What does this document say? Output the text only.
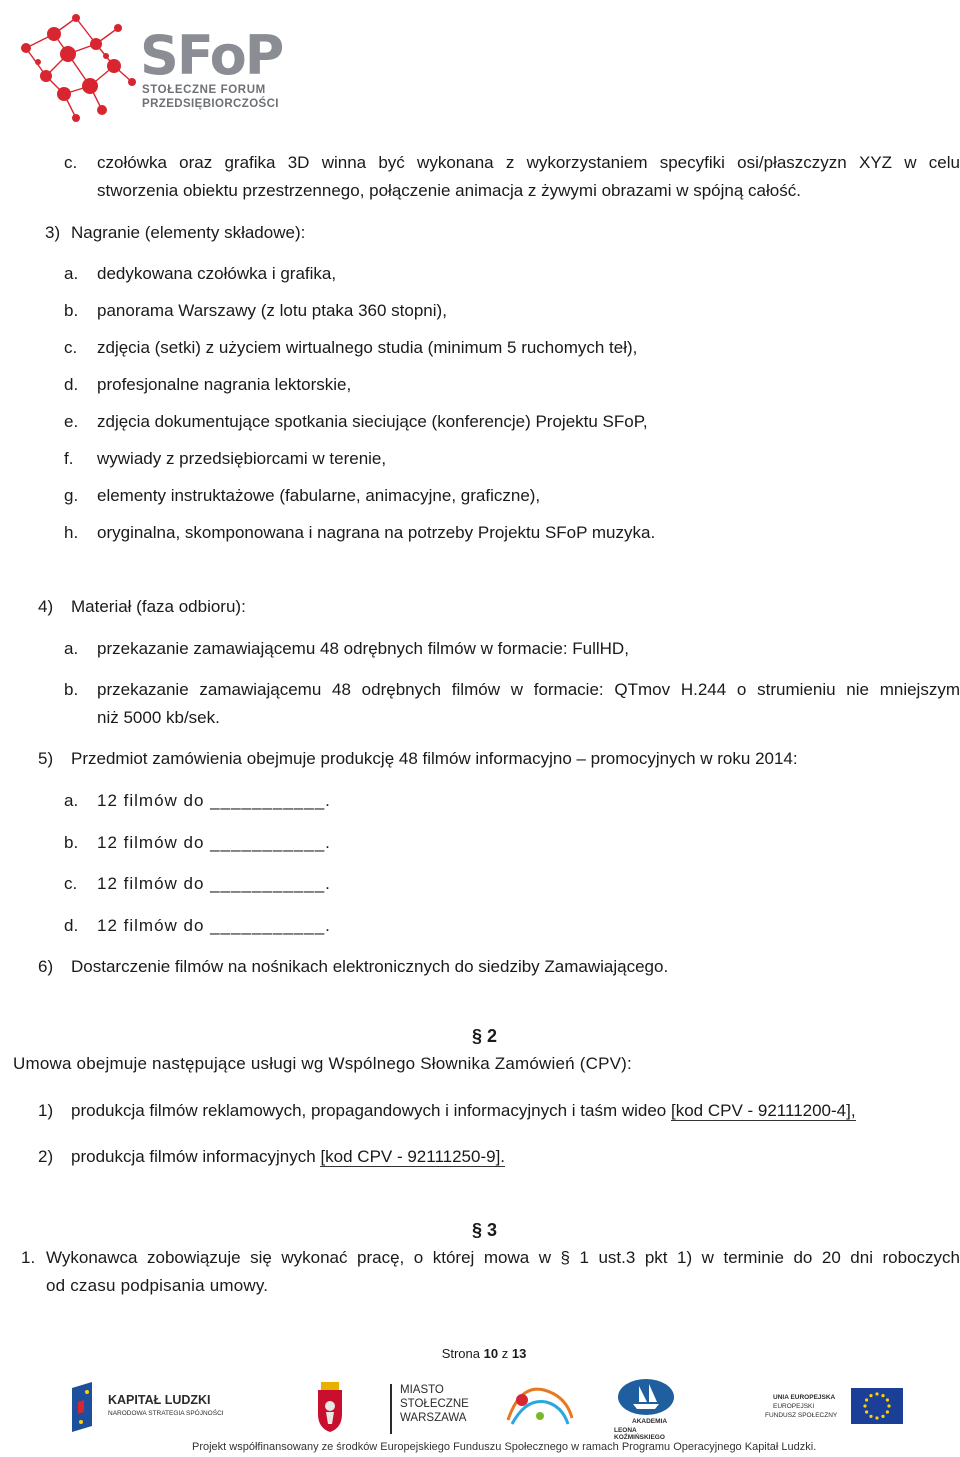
SFoP
STOŁECZNE FORUM
PRZEDSIĘBIORCZOŚCI
c. czołówka oraz grafika 3D winna być wykonana z wykorzystaniem specyfiki osi/płaszczyzn XYZ w celu
stworzenia obiektu przestrzennego, połączenie animacja z żywymi obrazami w spójną całość.
3) Nagranie (elementy składowe):
a. dedykowana czołówka i grafika,
b. panorama Warszawy (z lotu ptaka 360 stopni),
c. zdjęcia (setki) z użyciem wirtualnego studia (minimum 5 ruchomych teł),
d. profesjonalne nagrania lektorskie,
e. zdjęcia dokumentujące spotkania sieciujące (konferencje) Projektu SFoP,
f. wywiady z przedsiębiorcami w terenie,
g. elementy instruktażowe (fabularne, animacyjne, graficzne),
h. oryginalna, skomponowana i nagrana na potrzeby Projektu SFoP muzyka.
4) Materiał (faza odbioru):
a. przekazanie zamawiającemu 48 odrębnych filmów w formacie: FullHD,
b. przekazanie zamawiającemu 48 odrębnych filmów w formacie: QTmov H.244 o strumieniu nie mniejszym
niż 5000 kb/sek.
5) Przedmiot zamówienia obejmuje produkcję 48 filmów informacyjno – promocyjnych w roku 2014:
a. 12 filmów do ___________.
b. 12 filmów do ___________.
c. 12 filmów do ___________.
d. 12 filmów do ___________.
6) Dostarczenie filmów na nośnikach elektronicznych do siedziby Zamawiającego.
§ 2
Umowa obejmuje następujące usługi wg Wspólnego Słownika Zamówień (CPV):
1) produkcja filmów reklamowych, propagandowych i informacyjnych i taśm wideo [kod CPV - 92111200-4],
2) produkcja filmów informacyjnych [kod CPV - 92111250-9].
§ 3
1. Wykonawca zobowiązuje się wykonać pracę, o której mowa w § 1 ust.3 pkt 1) w terminie do 20 dni roboczych
od czasu podpisania umowy.
Strona 10 z 13
KAPITAŁ LUDZKI
NARODOWA STRATEGIA SPÓJNOŚCI
MIASTO
STOŁECZNE
WARSZAWA	AKADEMIA
LEONA KOŹMIŃSKIEGO
UNIA EUROPEJSKA
EUROPEJSKI
FUNDUSZ SPOŁECZNY
Projekt współfinansowany ze środków Europejskiego Funduszu Społecznego w ramach Programu Operacyjnego Kapitał Ludzki.
